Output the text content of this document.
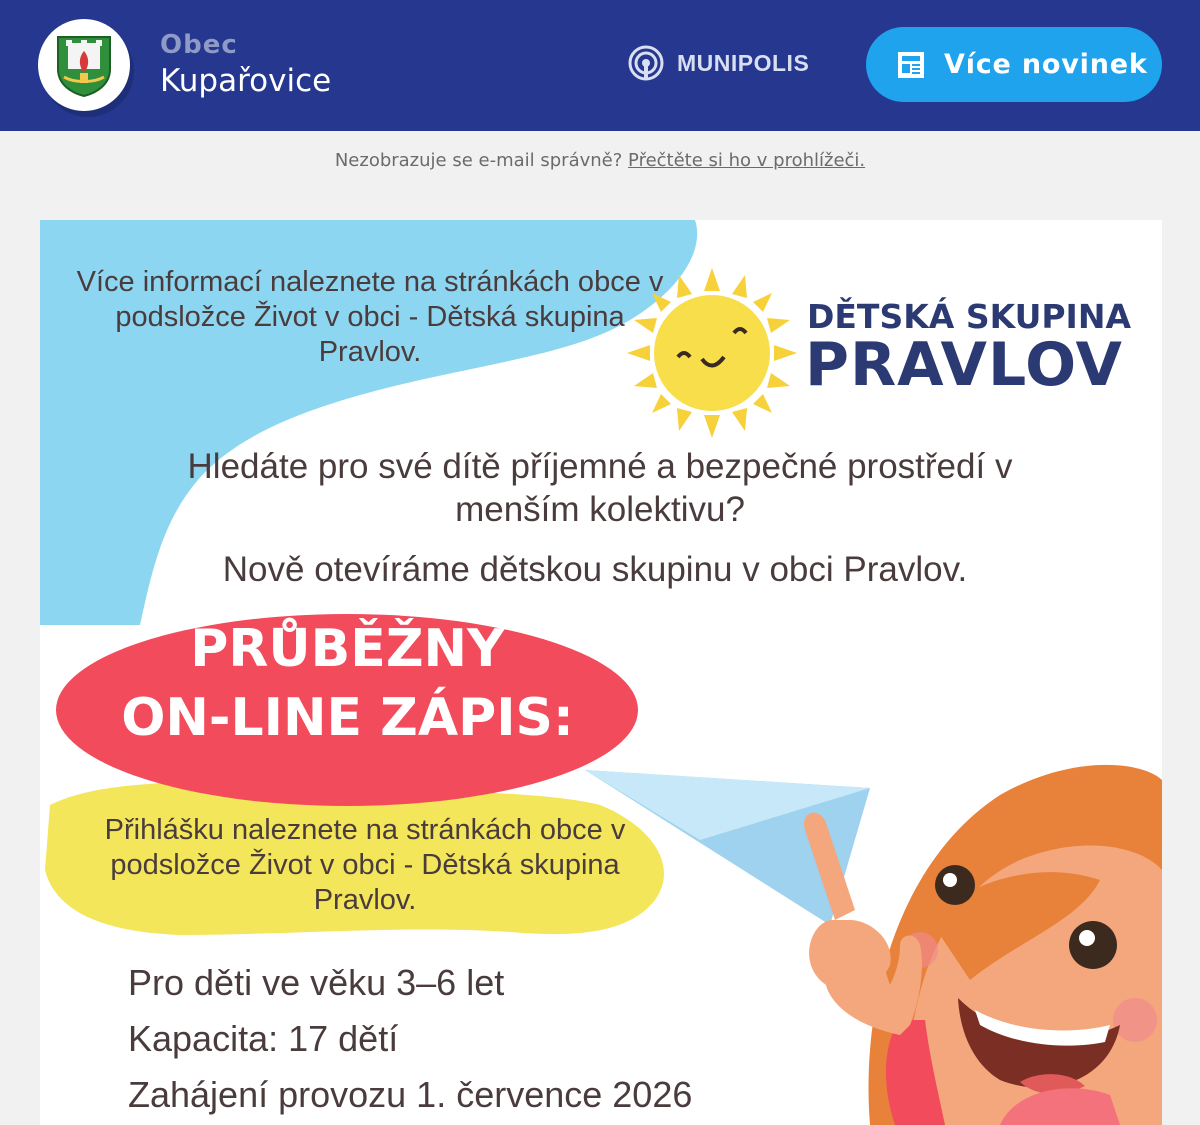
Obec
Kupařovice
MUNIPOLIS	Více novinek
Nezobrazuje se e-mail správně? Přečtěte si ho v prohlížeči.
Více informací naleznete na stránkách obce v podsložce Život v obci - Dětská skupina Pravlov.
DĚTSKÁ SKUPINA
PRAVLOV
Hledáte pro své dítě příjemné a bezpečné prostředí v menším kolektivu?
Nově otevíráme dětskou skupinu v obci Pravlov.
PRŮBĚŽNÝ
ON-LINE ZÁPIS:
Přihlášku naleznete na stránkách obce v podsložce Život v obci - Dětská skupina Pravlov.
Pro děti ve věku 3–6 let
Kapacita: 17 dětí
Zahájení provozu 1. července 2026
